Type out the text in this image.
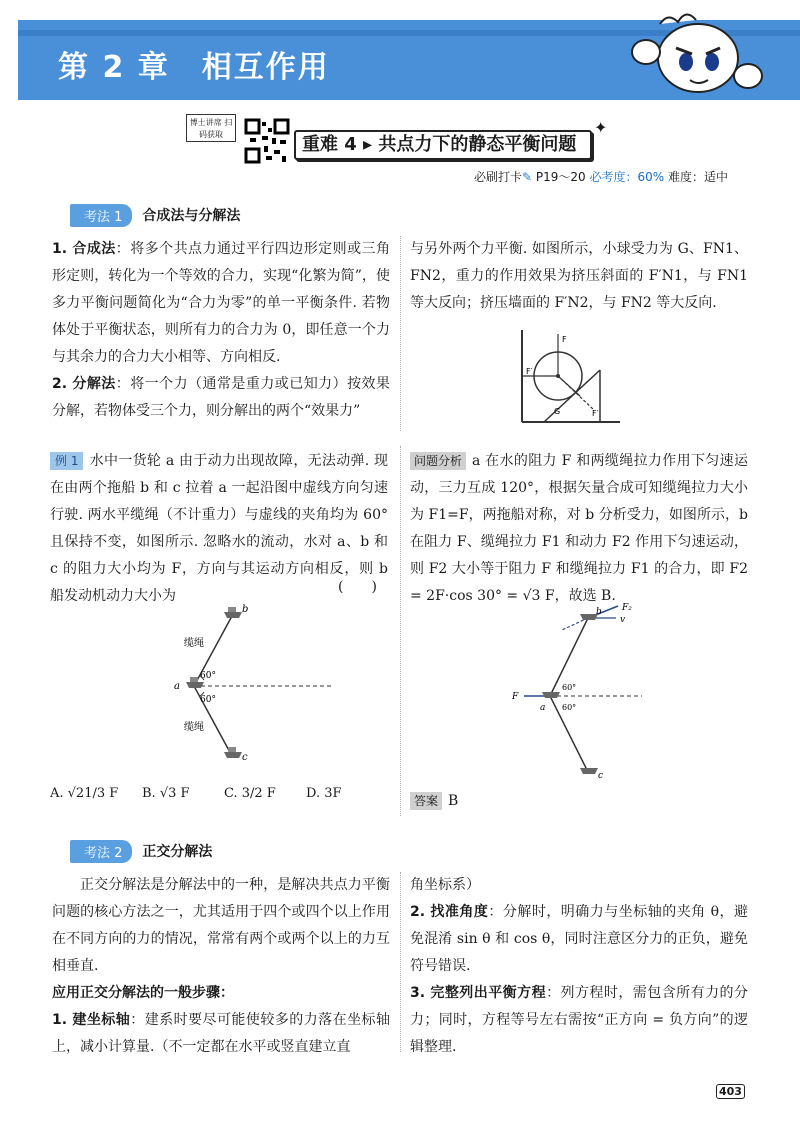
第 2 章　相互作用
博士讲席 扫码获取	重难 4 ▸ 共点力下的静态平衡问题
✦
必刷打卡✎ P19～20 必考度：60% 难度：适中
考法 1	合成法与分解法

1. 合成法：将多个共点力通过平行四边形定则或三角形定则，转化为一个等效的合力，实现“化繁为简”，使多力平衡问题简化为“合力为零”的单一平衡条件. 若物体处于平衡状态，则所有力的合力为 0，即任意一个力与其余力的合力大小相等、方向相反.

2. 分解法：将一个力（通常是重力或已知力）按效果分解，若物体受三个力，则分解出的两个“效果力”

与另外两个力平衡. 如图所示，小球受力为 G、FN1、FN2，重力的作用效果为挤压斜面的 F′N1，与 FN1 等大反向；挤压墙面的 F′N2，与 FN2 等大反向.

F
F′
G	F′

例 1 水中一货轮 a 由于动力出现故障，无法动弹. 现在由两个拖船 b 和 c 拉着 a 一起沿图中虚线方向匀速行驶. 两水平缆绳（不计重力）与虚线的夹角均为 60°且保持不变，如图所示. 忽略水的流动，水对 a、b 和 c 的阻力大小均为 F，方向与其运动方向相反，则 b 船发动机动力大小为

(　　)
b
a
c
缆绳
缆绳
60°
60°
A. √21/3 F	B. √3 F	C. 3/2 F	D. 3F

问题分析 a 在水的阻力 F 和两缆绳拉力作用下匀速运动，三力互成 120°，根据矢量合成可知缆绳拉力大小为 F1=F，两拖船对称，对 b 分析受力，如图所示，b 在阻力 F、缆绳拉力 F1 和动力 F2 作用下匀速运动，则 F2 大小等于阻力 F 和缆绳拉力 F1 的合力，即 F2 = 2F·cos 30° = √3 F，故选 B.

F₂
v
F
b
a
c
60°
60°
答案 B
考法 2	正交分解法

正交分解法是分解法中的一种，是解决共点力平衡问题的核心方法之一，尤其适用于四个或四个以上作用在不同方向的力的情况，常常有两个或两个以上的力互相垂直.

应用正交分解法的一般步骤：

1. 建坐标轴：建系时要尽可能使较多的力落在坐标轴上，减小计算量.（不一定都在水平或竖直建立直

角坐标系）

2. 找准角度：分解时，明确力与坐标轴的夹角 θ，避免混淆 sin θ 和 cos θ，同时注意区分力的正负，避免符号错误.

3. 完整列出平衡方程：列方程时，需包含所有力的分力；同时，方程等号左右需按“正方向 = 负方向”的逻辑整理.

403
